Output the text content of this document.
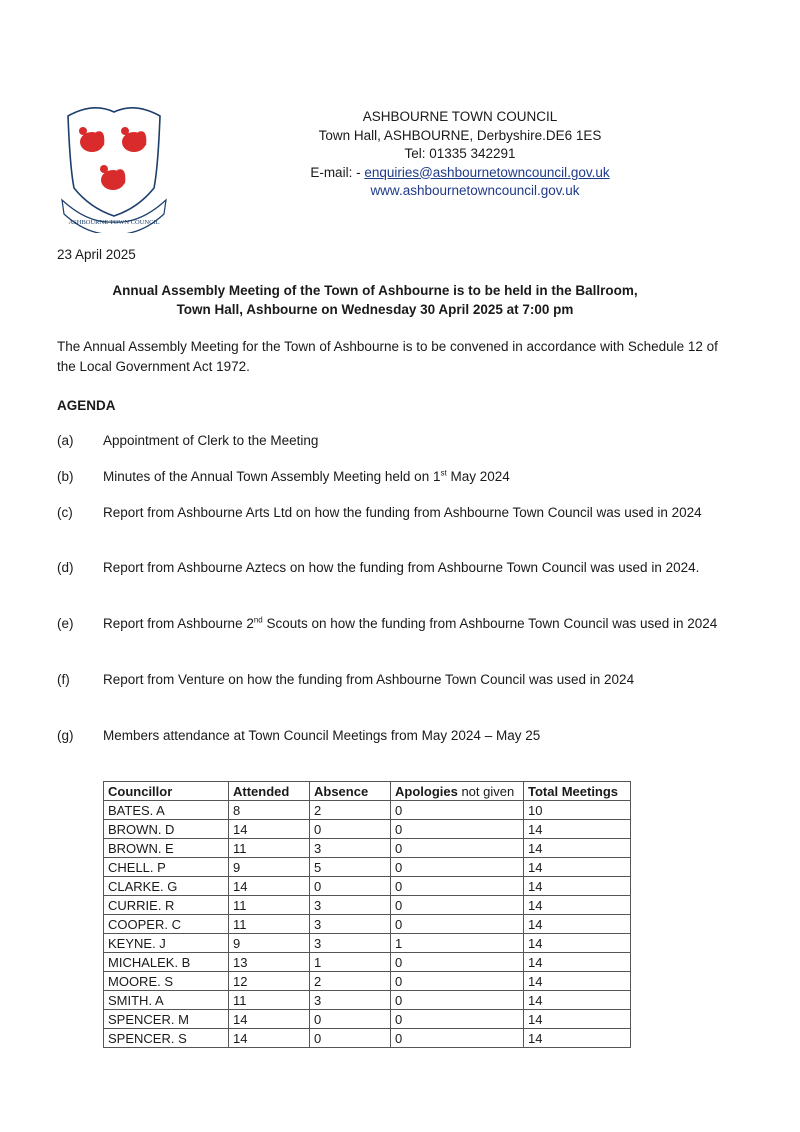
ASHBOURNE TOWN COUNCIL
ASHBOURNE TOWN COUNCIL
Town Hall, ASHBOURNE, Derbyshire.DE6 1ES
Tel: 01335 342291
E-mail: - enquiries@ashbournetowncouncil.gov.uk
www.ashbournetowncouncil.gov.uk
23 April 2025
Annual Assembly Meeting of the Town of Ashbourne is to be held in the Ballroom,
Town Hall, Ashbourne on Wednesday 30 April 2025 at 7:00 pm
The Annual Assembly Meeting for the Town of Ashbourne is to be convened in accordance with Schedule 12 of the Local Government Act 1972.
AGENDA
(a)	Appointment of Clerk to the Meeting
(b)	Minutes of the Annual Town Assembly Meeting held on 1st May 2024
(c)	Report from Ashbourne Arts Ltd on how the funding from Ashbourne Town Council was used in 2024
(d)	Report from Ashbourne Aztecs on how the funding from Ashbourne Town Council was used in 2024.
(e)	Report from Ashbourne 2nd Scouts on how the funding from Ashbourne Town Council was used in 2024
(f)	Report from Venture on how the funding from Ashbourne Town Council was used in 2024
(g)	Members attendance at Town Council Meetings from May 2024 – May 25
Councillor	Attended	Absence	Apologies not given	Total Meetings
BATES. A	8	2	0	10
BROWN. D	14	0	0	14
BROWN. E	11	3	0	14
CHELL. P	9	5	0	14
CLARKE. G	14	0	0	14
CURRIE. R	11	3	0	14
COOPER. C	11	3	0	14
KEYNE. J	9	3	1	14
MICHALEK. B	13	1	0	14
MOORE. S	12	2	0	14
SMITH. A	11	3	0	14
SPENCER. M	14	0	0	14
SPENCER. S	14	0	0	14
